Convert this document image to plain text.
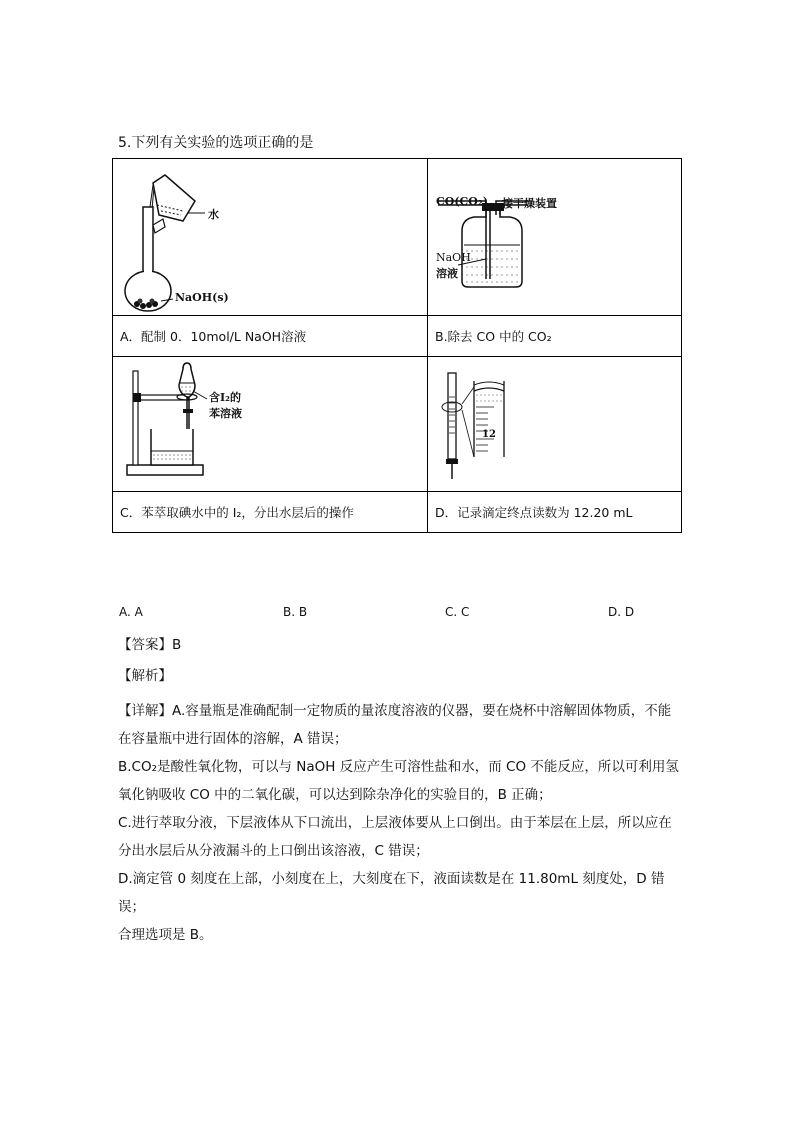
5.下列有关实验的选项正确的是
水
NaOH(s)	CO(CO₂) 接干燥装置
NaOH
溶液

A．配制 0．10mol/L NaOH溶液	B.除去 CO 中的 CO₂

含I₂的
苯溶液	12

C．苯萃取碘水中的 I₂，分出水层后的操作	D．记录滴定终点读数为 12.20 mL
A. A	B. B	C. C	D. D
【答案】B
【解析】

【详解】A.容量瓶是准确配制一定物质的量浓度溶液的仪器，要在烧杯中溶解固体物质，不能在容量瓶中进行固体的溶解，A 错误；

B.CO₂是酸性氧化物，可以与 NaOH 反应产生可溶性盐和水，而 CO 不能反应，所以可利用氢氧化钠吸收 CO 中的二氧化碳，可以达到除杂净化的实验目的，B 正确；

C.进行萃取分液，下层液体从下口流出，上层液体要从上口倒出。由于苯层在上层，所以应在分出水层后从分液漏斗的上口倒出该溶液，C 错误；

D.滴定管 0 刻度在上部，小刻度在上，大刻度在下，液面读数是在 11.80mL 刻度处，D 错误；

合理选项是 B。
